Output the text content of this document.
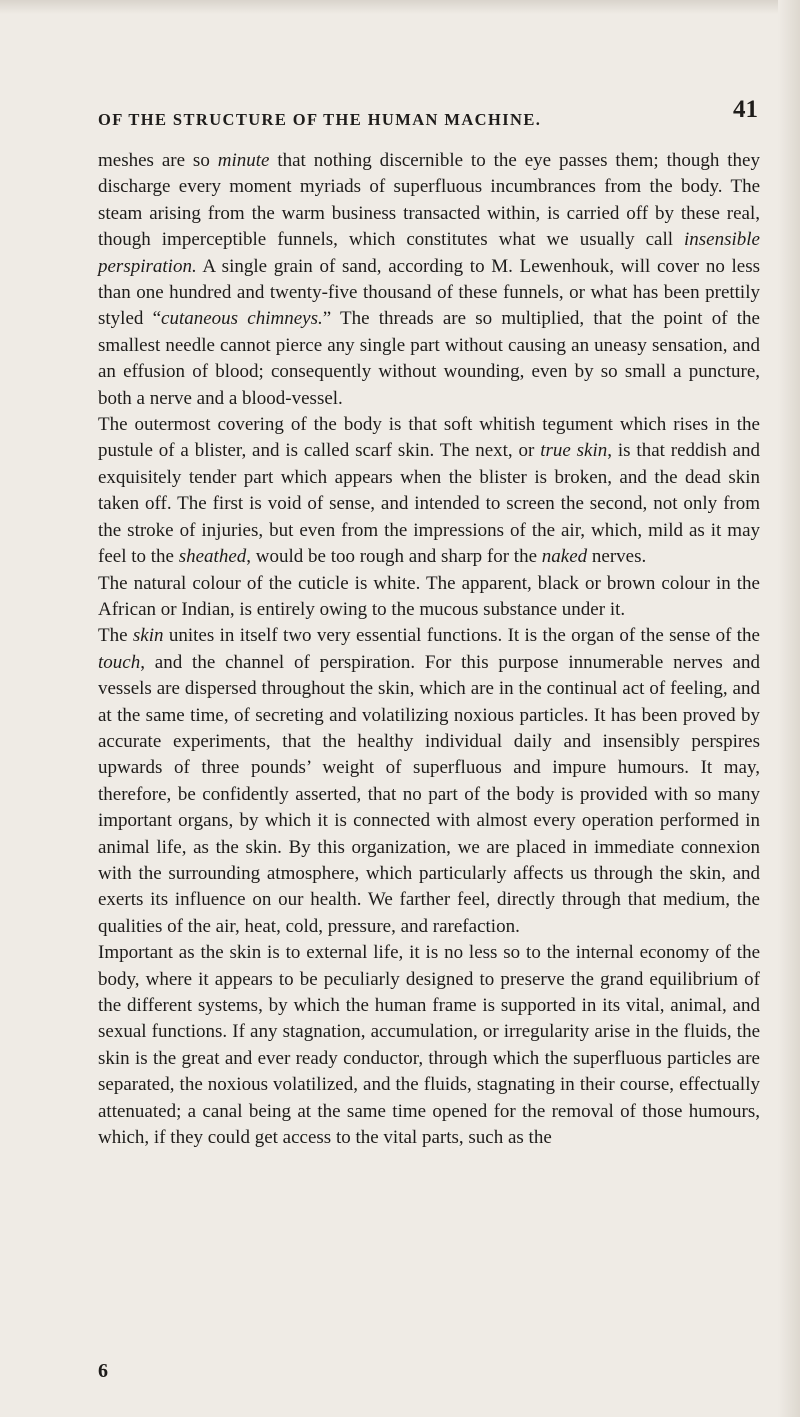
OF THE STRUCTURE OF THE HUMAN MACHINE.	41

meshes are so minute that nothing discernible to the eye passes them; though they discharge every moment myriads of superfluous incumbrances from the body. The steam arising from the warm business transacted within, is carried off by these real, though imperceptible funnels, which constitutes what we usually call insensible perspiration. A single grain of sand, according to M. Lewenhouk, will cover no less than one hundred and twenty-five thousand of these funnels, or what has been prettily styled “cutaneous chimneys.” The threads are so multiplied, that the point of the smallest needle cannot pierce any single part without causing an uneasy sensation, and an effusion of blood; consequently without wounding, even by so small a puncture, both a nerve and a blood-vessel.

The outermost covering of the body is that soft whitish tegument which rises in the pustule of a blister, and is called scarf skin. The next, or true skin, is that reddish and exquisitely tender part which appears when the blister is broken, and the dead skin taken off. The first is void of sense, and intended to screen the second, not only from the stroke of injuries, but even from the impressions of the air, which, mild as it may feel to the sheathed, would be too rough and sharp for the naked nerves.

The natural colour of the cuticle is white. The apparent, black or brown colour in the African or Indian, is entirely owing to the mucous substance under it.

The skin unites in itself two very essential functions. It is the organ of the sense of the touch, and the channel of perspiration. For this purpose innumerable nerves and vessels are dispersed throughout the skin, which are in the continual act of feeling, and at the same time, of secreting and volatilizing noxious particles. It has been proved by accurate experiments, that the healthy individual daily and insensibly perspires upwards of three pounds’ weight of superfluous and impure humours. It may, therefore, be confidently asserted, that no part of the body is provided with so many important organs, by which it is connected with almost every operation performed in animal life, as the skin. By this organization, we are placed in immediate connexion with the surrounding atmosphere, which particularly affects us through the skin, and exerts its influence on our health. We farther feel, directly through that medium, the qualities of the air, heat, cold, pressure, and rarefaction.

Important as the skin is to external life, it is no less so to the internal economy of the body, where it appears to be peculiarly designed to preserve the grand equilibrium of the different systems, by which the human frame is supported in its vital, animal, and sexual functions. If any stagnation, accumulation, or irregularity arise in the fluids, the skin is the great and ever ready conductor, through which the superfluous particles are separated, the noxious volatilized, and the fluids, stagnating in their course, effectually attenuated; a canal being at the same time opened for the removal of those humours, which, if they could get access to the vital parts, such as the

6
